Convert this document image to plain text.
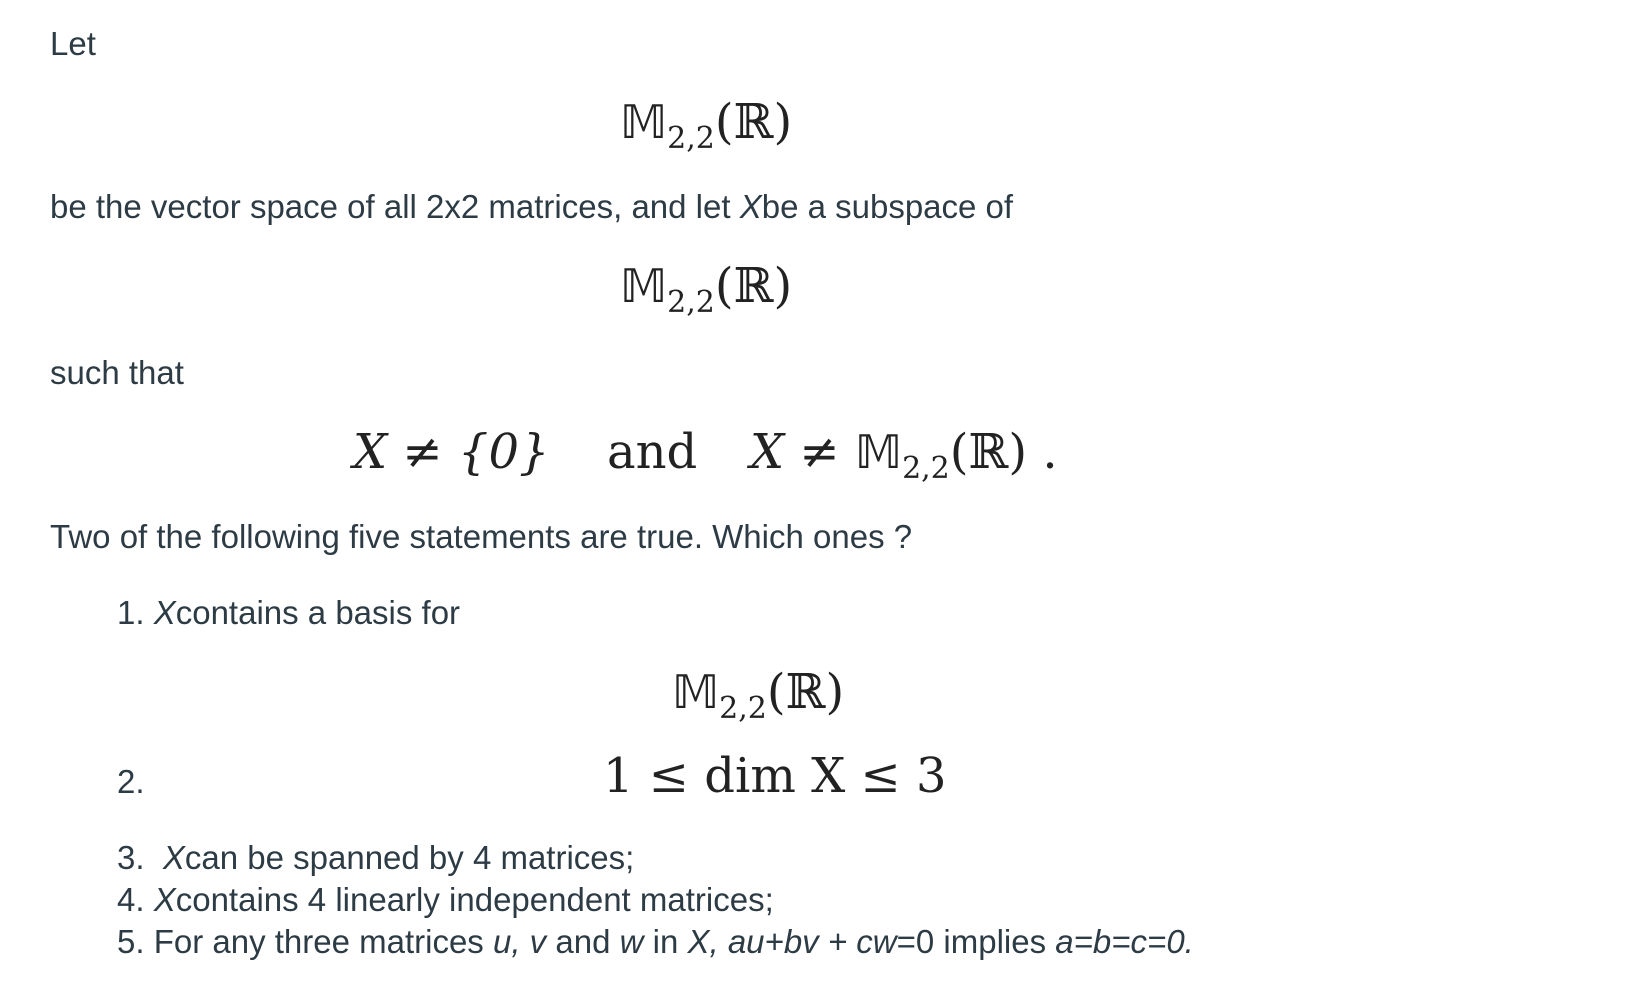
Let
𝕄$_{2,2}$(ℝ)
be the vector space of all 2x2 matrices, and let Xbe a subspace of
𝕄$_{2,2}$(ℝ)
such that
X ≠ {0} and X ≠ 𝕄$_{2,2}$(ℝ) .
Two of the following five statements are true. Which ones ?
1. Xcontains a basis for
𝕄$_{2,2}$(ℝ)
2.	1 ≤ dim X ≤ 3
3. Xcan be spanned by 4 matrices;
4. Xcontains 4 linearly independent matrices;
5. For any three matrices u, v and w in X, au+bv + cw=0 implies a=b=c=0.
